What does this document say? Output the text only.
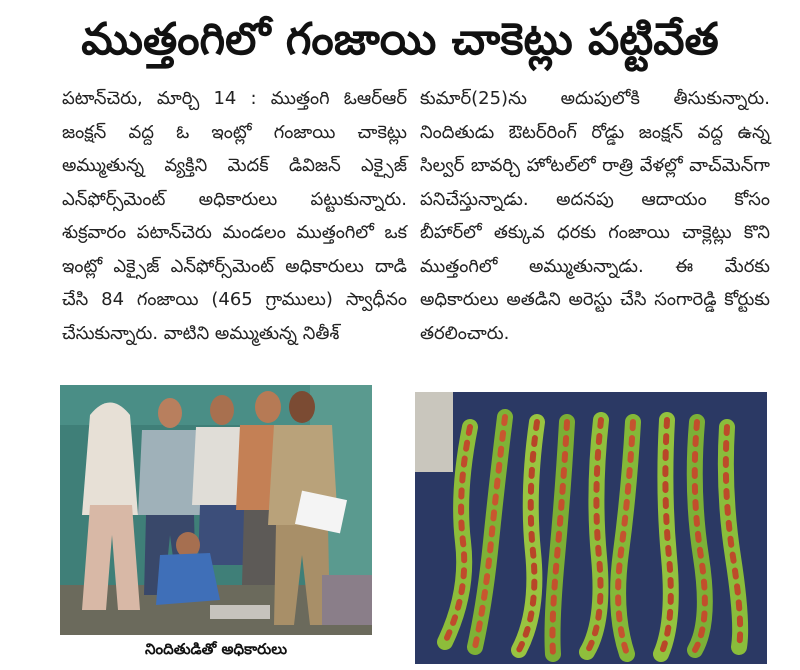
ముత్తంగిలో గంజాయి చాకెట్లు పట్టివేత

పటాన్‌చెరు, మార్చి 14 : ముత్తంగి ఓఆర్‌ఆర్ జంక్షన్ వద్ద ఓ ఇంట్లో గంజాయి చాకెట్లు అమ్ముతున్న వ్యక్తిని మెదక్ డివిజన్ ఎక్సైజ్ ఎన్‌ఫోర్స్‌మెంట్ అధికారులు పట్టుకున్నారు. శుక్రవారం పటాన్‌చెరు మండలం ముత్తంగిలో ఒక ఇంట్లో ఎక్సైజ్ ఎన్‌ఫోర్స్‌మెంట్ అధికారులు దాడి చేసి 84 గంజాయి (465 గ్రాములు) స్వాధీనం చేసుకున్నారు. వాటిని అమ్ముతున్న నితీశ్

కుమార్(25)ను అదుపులోకి తీసుకున్నారు. నిందితుడు ఔటర్‌రింగ్ రోడ్డు జంక్షన్ వద్ద ఉన్న సిల్వర్ బావర్చి హోటల్‌లో రాత్రి వేళల్లో వాచ్‌మెన్‌గా పనిచేస్తున్నాడు. అదనపు ఆదాయం కోసం బీహార్‌లో తక్కువ ధరకు గంజాయి చాక్లెట్లు కొని ముత్తంగిలో అమ్ముతున్నాడు. ఈ మేరకు అధికారులు అతడిని అరెస్టు చేసి సంగారెడ్డి కోర్టుకు తరలించారు.

నిందితుడితో అధికారులు
